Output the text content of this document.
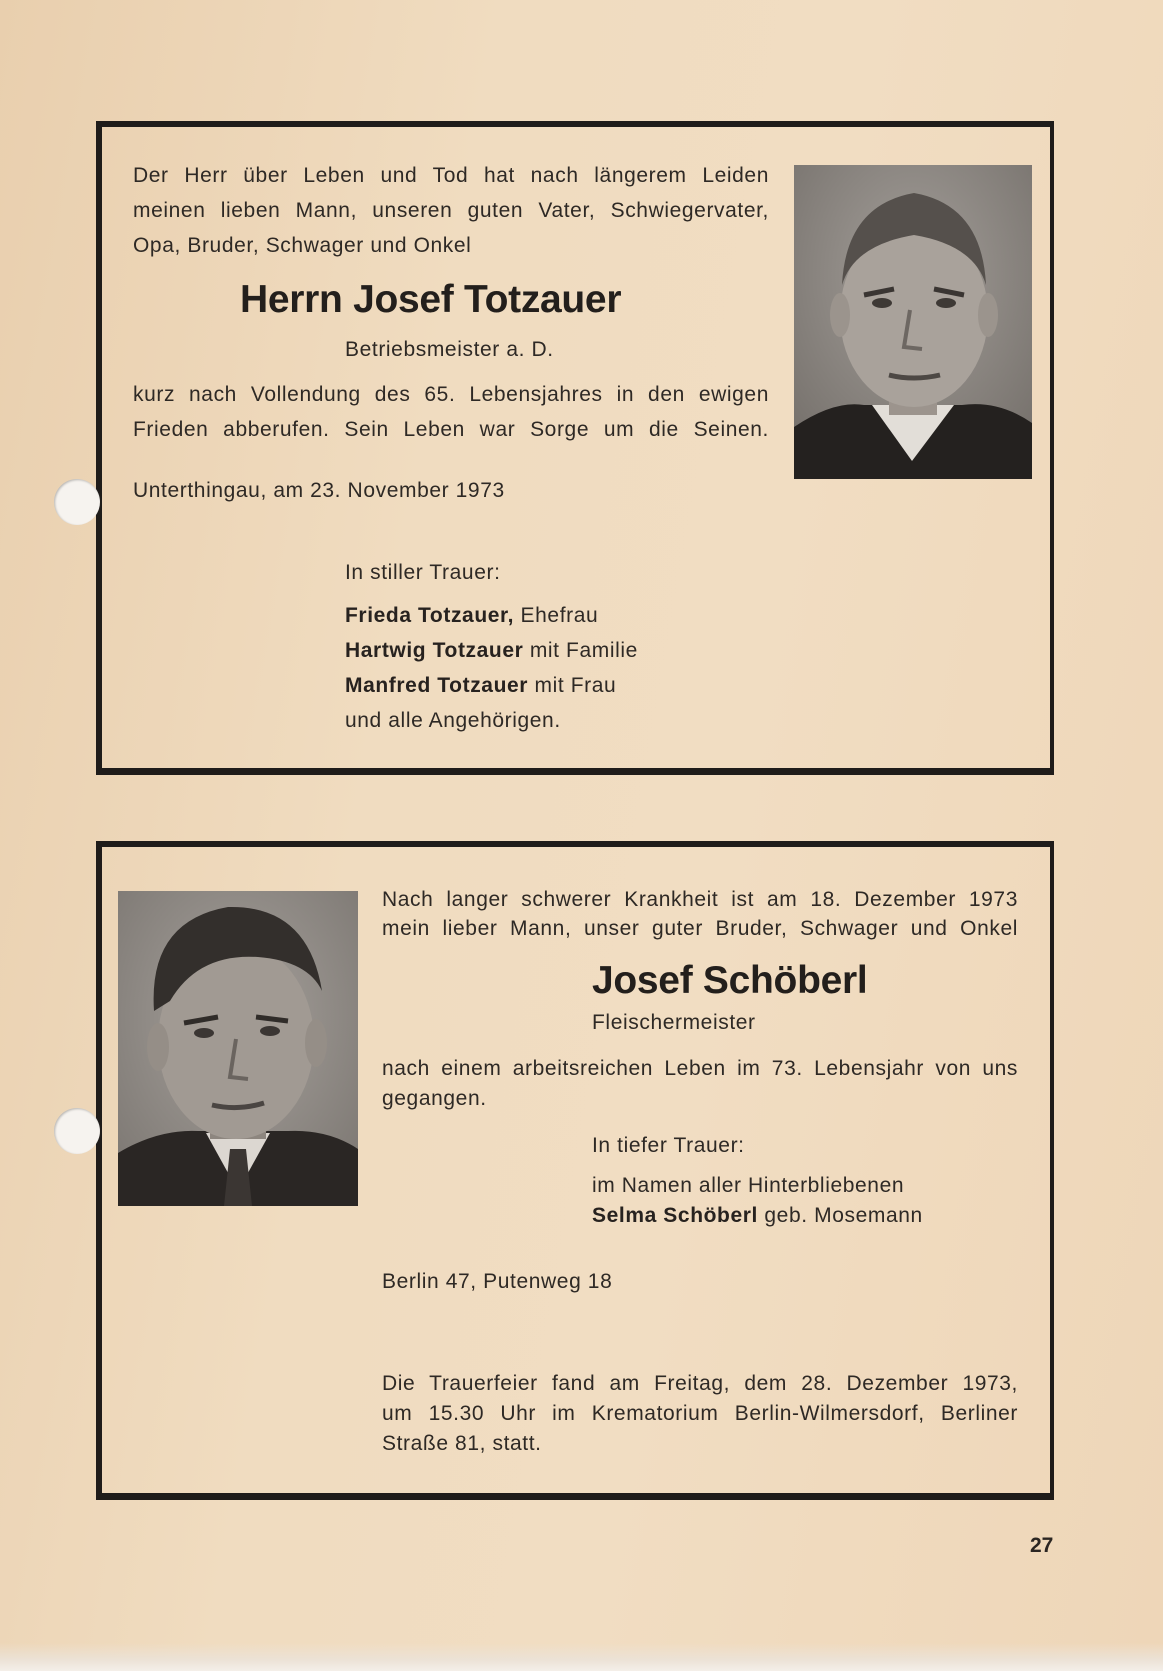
Der Herr über Leben und Tod hat nach längerem Leiden
meinen lieben Mann, unseren guten Vater, Schwiegervater,
Opa, Bruder, Schwager und Onkel
Herrn Josef Totzauer
Betriebsmeister a. D.
kurz nach Vollendung des 65. Lebensjahres in den ewigen
Frieden abberufen. Sein Leben war Sorge um die Seinen.
Unterthingau, am 23. November 1973
In stiller Trauer:
Frieda Totzauer, Ehefrau
Hartwig Totzauer mit Familie
Manfred Totzauer mit Frau
und alle Angehörigen.
Nach langer schwerer Krankheit ist am 18. Dezember 1973
mein lieber Mann, unser guter Bruder, Schwager und Onkel
Josef Schöberl
Fleischermeister
nach einem arbeitsreichen Leben im 73. Lebensjahr von uns
gegangen.
In tiefer Trauer:
im Namen aller Hinterbliebenen
Selma Schöberl geb. Mosemann
Berlin 47, Putenweg 18
Die Trauerfeier fand am Freitag, dem 28. Dezember 1973,
um 15.30 Uhr im Krematorium Berlin-Wilmersdorf, Berliner
Straße 81, statt.
27
